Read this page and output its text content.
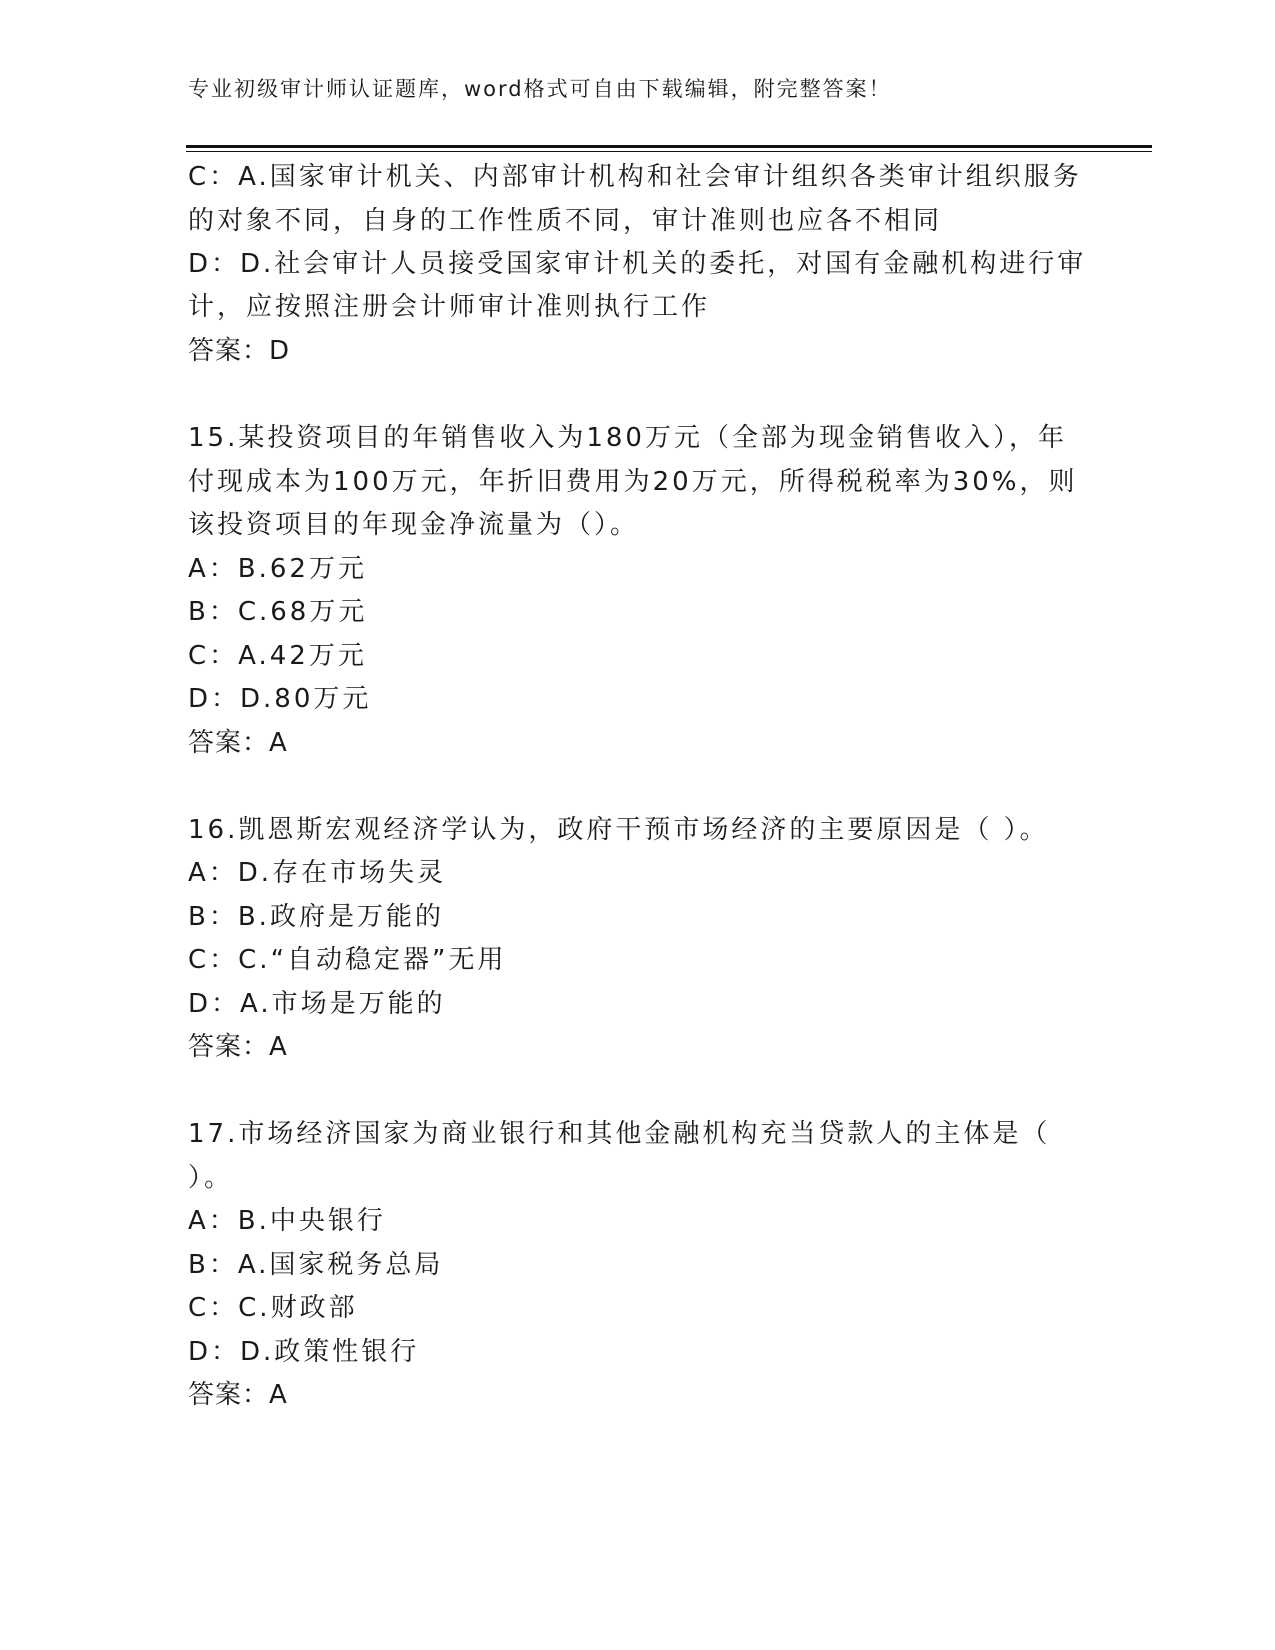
专业初级审计师认证题库，word格式可自由下载编辑，附完整答案！
C：A.国家审计机关、内部审计机构和社会审计组织各类审计组织服务
的对象不同，自身的工作性质不同，审计准则也应各不相同
D：D.社会审计人员接受国家审计机关的委托，对国有金融机构进行审
计，应按照注册会计师审计准则执行工作
答案：D
15.某投资项目的年销售收入为180万元（全部为现金销售收入），年
付现成本为100万元，年折旧费用为20万元，所得税税率为30%，则
该投资项目的年现金净流量为（）。
A：B.62万元
B：C.68万元
C：A.42万元
D：D.80万元
答案：A
16.凯恩斯宏观经济学认为，政府干预市场经济的主要原因是（ ）。
A：D.存在市场失灵
B：B.政府是万能的
C：C.“自动稳定器”无用
D：A.市场是万能的
答案：A
17.市场经济国家为商业银行和其他金融机构充当贷款人的主体是（
）。
A：B.中央银行
B：A.国家税务总局
C：C.财政部
D：D.政策性银行
答案：A
